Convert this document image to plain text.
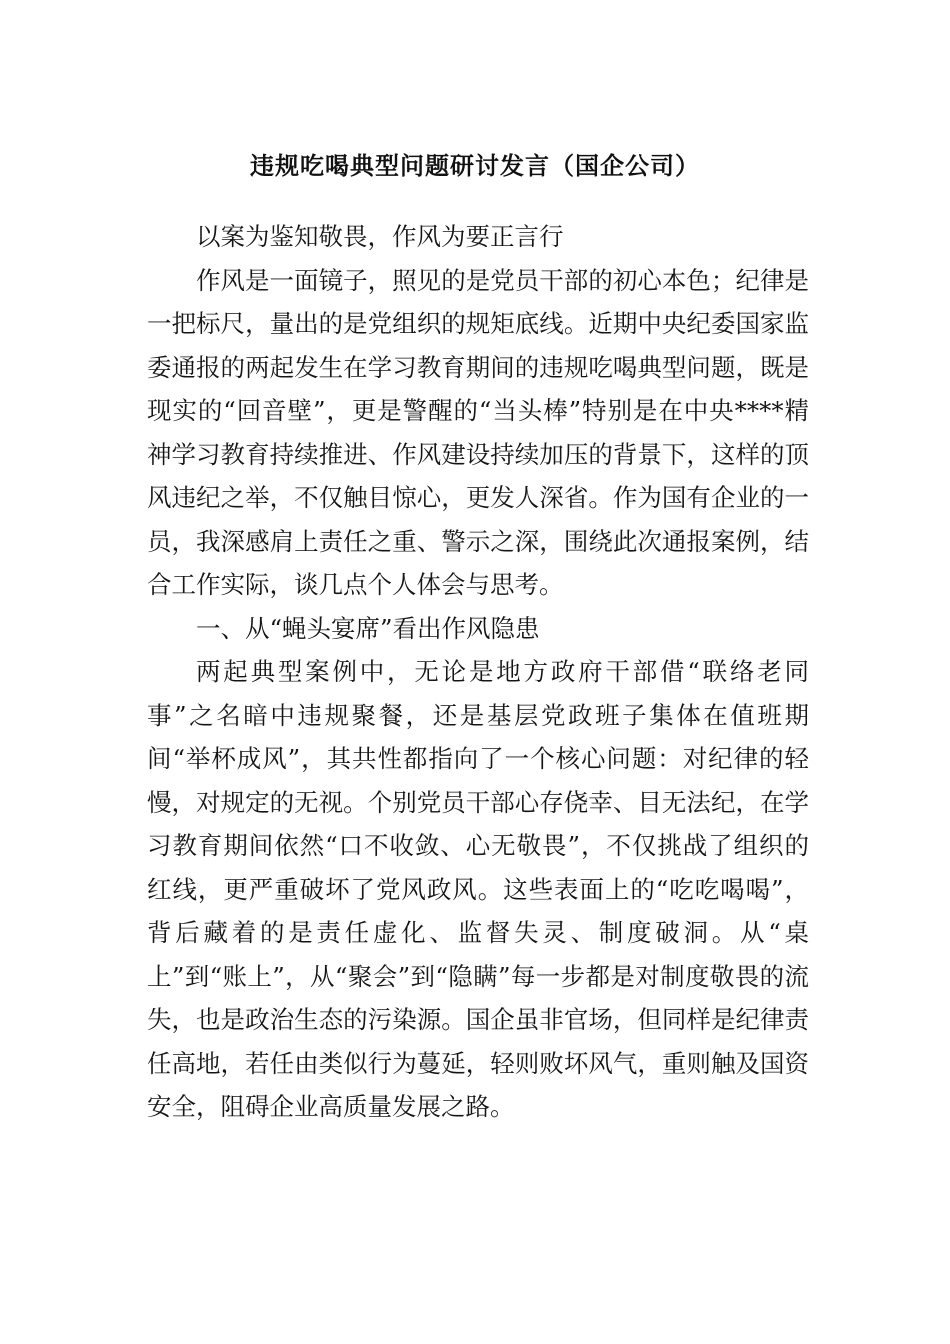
违规吃喝典型问题研讨发言（国企公司）

以案为鉴知敬畏，作风为要正言行

作风是一面镜子，照见的是党员干部的初心本色；纪律是一把标尺，量出的是党组织的规矩底线。近期中央纪委国家监委通报的两起发生在学习教育期间的违规吃喝典型问题，既是现实的“回音壁”，更是警醒的“当头棒”特别是在中央****精神学习教育持续推进、作风建设持续加压的背景下，这样的顶风违纪之举，不仅触目惊心，更发人深省。作为国有企业的一员，我深感肩上责任之重、警示之深，围绕此次通报案例，结合工作实际，谈几点个人体会与思考。

一、从“蝇头宴席”看出作风隐患

两起典型案例中，无论是地方政府干部借“联络老同事”之名暗中违规聚餐，还是基层党政班子集体在值班期间“举杯成风”，其共性都指向了一个核心问题：对纪律的轻慢，对规定的无视。个别党员干部心存侥幸、目无法纪，在学习教育期间依然“口不收敛、心无敬畏”，不仅挑战了组织的红线，更严重破坏了党风政风。这些表面上的“吃吃喝喝”，背后藏着的是责任虚化、监督失灵、制度破洞。从“桌上”到“账上”，从“聚会”到“隐瞒”每一步都是对制度敬畏的流失，也是政治生态的污染源。国企虽非官场，但同样是纪律责任高地，若任由类似行为蔓延，轻则败坏风气，重则触及国资安全，阻碍企业高质量发展之路。
